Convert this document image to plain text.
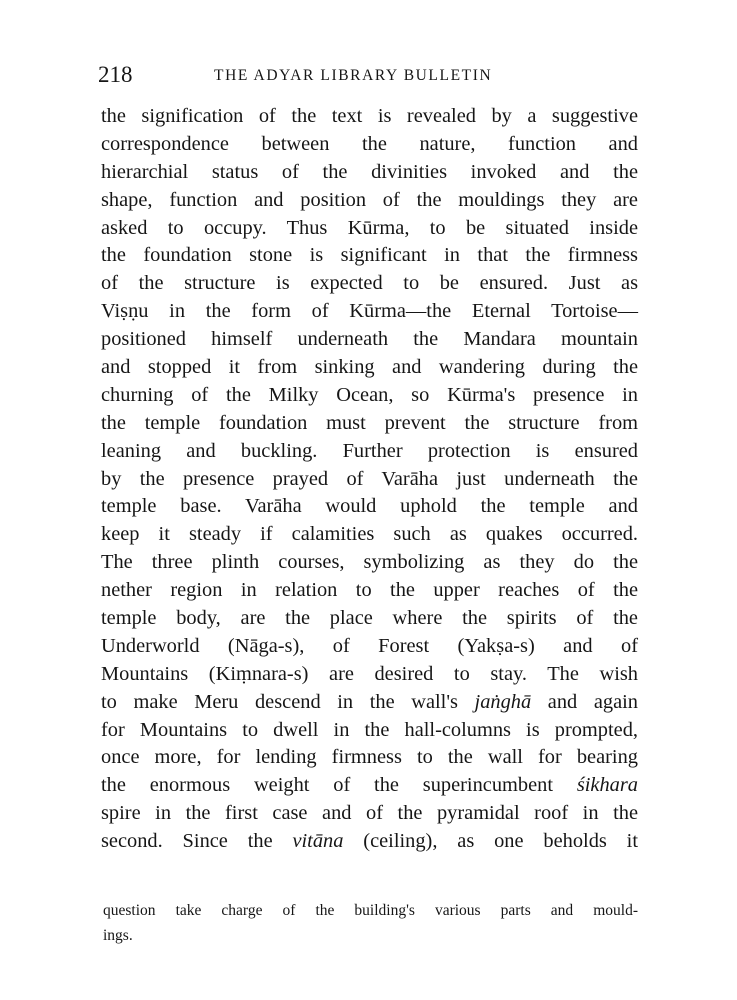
218	THE ADYAR LIBRARY BULLETIN
the signification of the text is revealed by a suggestive
correspondence between the nature, function and
hierarchial status of the divinities invoked and the
shape, function and position of the mouldings they are
asked to occupy. Thus Kūrma, to be situated inside
the foundation stone is significant in that the firmness
of the structure is expected to be ensured. Just as
Viṣṇu in the form of Kūrma—the Eternal Tortoise—
positioned himself underneath the Mandara mountain
and stopped it from sinking and wandering during the
churning of the Milky Ocean, so Kūrma's presence in
the temple foundation must prevent the structure from
leaning and buckling. Further protection is ensured
by the presence prayed of Varāha just underneath the
temple base. Varāha would uphold the temple and
keep it steady if calamities such as quakes occurred.
The three plinth courses, symbolizing as they do the
nether region in relation to the upper reaches of the
temple body, are the place where the spirits of the
Underworld (Nāga-s), of Forest (Yakṣa-s) and of
Mountains (Kiṃnara-s) are desired to stay. The wish
to make Meru descend in the wall's jaṅghā and again
for Mountains to dwell in the hall-columns is prompted,
once more, for lending firmness to the wall for bearing
the enormous weight of the superincumbent śikhara
spire in the first case and of the pyramidal roof in the
second. Since the vitāna (ceiling), as one beholds it
question take charge of the building's various parts and mould-
ings.
